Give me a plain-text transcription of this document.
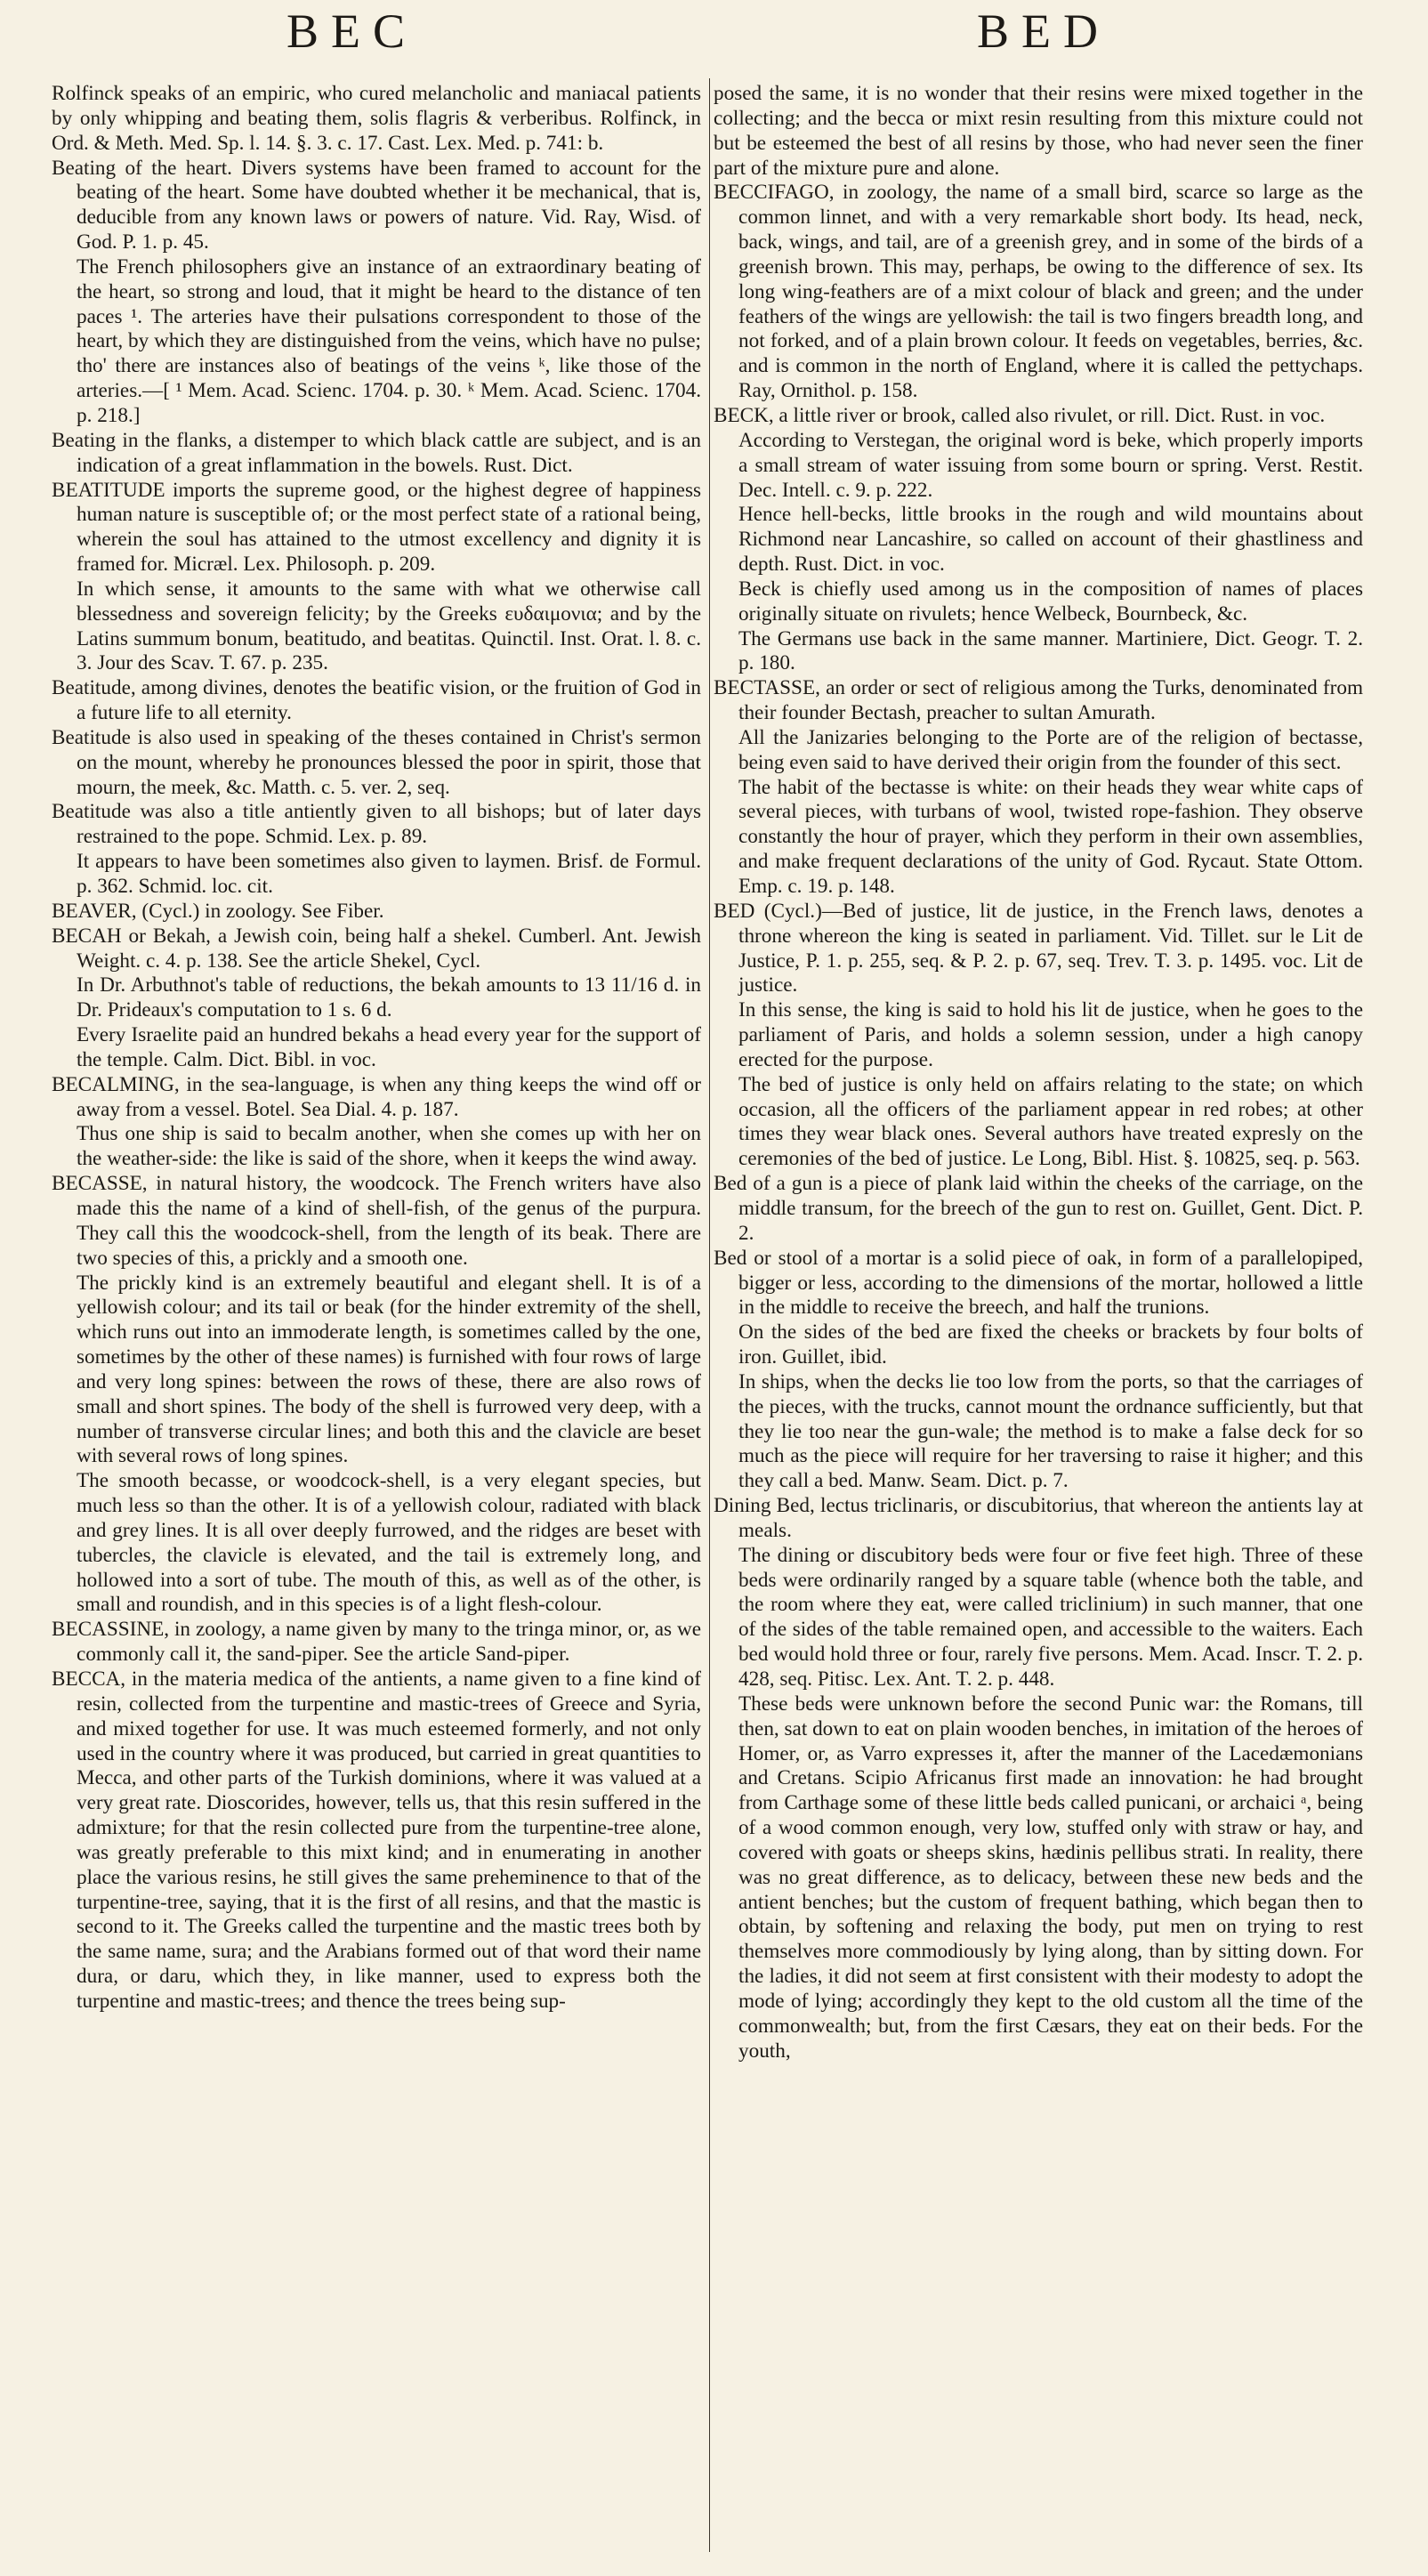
BEC	BED

Rolfinck speaks of an empiric, who cured melancholic and maniacal patients by only whipping and beating them, solis flagris & verberibus. Rolfinck, in Ord. & Meth. Med. Sp. l. 14. §. 3. c. 17. Cast. Lex. Med. p. 741: b.

Beating of the heart. Divers systems have been framed to account for the beating of the heart. Some have doubted whether it be mechanical, that is, deducible from any known laws or powers of nature. Vid. Ray, Wisd. of God. P. 1. p. 45.

The French philosophers give an instance of an extraordinary beating of the heart, so strong and loud, that it might be heard to the distance of ten paces ¹. The arteries have their pulsations correspondent to those of the heart, by which they are distinguished from the veins, which have no pulse; tho' there are instances also of beatings of the veins ᵏ, like those of the arteries.—[ ¹ Mem. Acad. Scienc. 1704. p. 30. ᵏ Mem. Acad. Scienc. 1704. p. 218.]

Beating in the flanks, a distemper to which black cattle are subject, and is an indication of a great inflammation in the bowels. Rust. Dict.

BEATITUDE imports the supreme good, or the highest degree of happiness human nature is susceptible of; or the most perfect state of a rational being, wherein the soul has attained to the utmost excellency and dignity it is framed for. Micræl. Lex. Philosoph. p. 209.

In which sense, it amounts to the same with what we otherwise call blessedness and sovereign felicity; by the Greeks ευδαιμονια; and by the Latins summum bonum, beatitudo, and beatitas. Quinctil. Inst. Orat. l. 8. c. 3. Jour des Scav. T. 67. p. 235.

Beatitude, among divines, denotes the beatific vision, or the fruition of God in a future life to all eternity.

Beatitude is also used in speaking of the theses contained in Christ's sermon on the mount, whereby he pronounces blessed the poor in spirit, those that mourn, the meek, &c. Matth. c. 5. ver. 2, seq.

Beatitude was also a title antiently given to all bishops; but of later days restrained to the pope. Schmid. Lex. p. 89.

It appears to have been sometimes also given to laymen. Brisf. de Formul. p. 362. Schmid. loc. cit.

BEAVER, (Cycl.) in zoology. See Fiber.

BECAH or Bekah, a Jewish coin, being half a shekel. Cumberl. Ant. Jewish Weight. c. 4. p. 138. See the article Shekel, Cycl.

In Dr. Arbuthnot's table of reductions, the bekah amounts to 13 11/16 d. in Dr. Prideaux's computation to 1 s. 6 d.

Every Israelite paid an hundred bekahs a head every year for the support of the temple. Calm. Dict. Bibl. in voc.

BECALMING, in the sea-language, is when any thing keeps the wind off or away from a vessel. Botel. Sea Dial. 4. p. 187.

Thus one ship is said to becalm another, when she comes up with her on the weather-side: the like is said of the shore, when it keeps the wind away.

BECASSE, in natural history, the woodcock. The French writers have also made this the name of a kind of shell-fish, of the genus of the purpura. They call this the woodcock-shell, from the length of its beak. There are two species of this, a prickly and a smooth one.

The prickly kind is an extremely beautiful and elegant shell. It is of a yellowish colour; and its tail or beak (for the hinder extremity of the shell, which runs out into an immoderate length, is sometimes called by the one, sometimes by the other of these names) is furnished with four rows of large and very long spines: between the rows of these, there are also rows of small and short spines. The body of the shell is furrowed very deep, with a number of transverse circular lines; and both this and the clavicle are beset with several rows of long spines.

The smooth becasse, or woodcock-shell, is a very elegant species, but much less so than the other. It is of a yellowish colour, radiated with black and grey lines. It is all over deeply furrowed, and the ridges are beset with tubercles, the clavicle is elevated, and the tail is extremely long, and hollowed into a sort of tube. The mouth of this, as well as of the other, is small and roundish, and in this species is of a light flesh-colour.

BECASSINE, in zoology, a name given by many to the tringa minor, or, as we commonly call it, the sand-piper. See the article Sand-piper.

BECCA, in the materia medica of the antients, a name given to a fine kind of resin, collected from the turpentine and mastic-trees of Greece and Syria, and mixed together for use. It was much esteemed formerly, and not only used in the country where it was produced, but carried in great quantities to Mecca, and other parts of the Turkish dominions, where it was valued at a very great rate. Dioscorides, however, tells us, that this resin suffered in the admixture; for that the resin collected pure from the turpentine-tree alone, was greatly preferable to this mixt kind; and in enumerating in another place the various resins, he still gives the same preheminence to that of the turpentine-tree, saying, that it is the first of all resins, and that the mastic is second to it. The Greeks called the turpentine and the mastic trees both by the same name, sura; and the Arabians formed out of that word their name dura, or daru, which they, in like manner, used to express both the turpentine and mastic-trees; and thence the trees being sup-

posed the same, it is no wonder that their resins were mixed together in the collecting; and the becca or mixt resin resulting from this mixture could not but be esteemed the best of all resins by those, who had never seen the finer part of the mixture pure and alone.

BECCIFAGO, in zoology, the name of a small bird, scarce so large as the common linnet, and with a very remarkable short body. Its head, neck, back, wings, and tail, are of a greenish grey, and in some of the birds of a greenish brown. This may, perhaps, be owing to the difference of sex. Its long wing-feathers are of a mixt colour of black and green; and the under feathers of the wings are yellowish: the tail is two fingers breadth long, and not forked, and of a plain brown colour. It feeds on vegetables, berries, &c. and is common in the north of England, where it is called the pettychaps. Ray, Ornithol. p. 158.

BECK, a little river or brook, called also rivulet, or rill. Dict. Rust. in voc.

According to Verstegan, the original word is beke, which properly imports a small stream of water issuing from some bourn or spring. Verst. Restit. Dec. Intell. c. 9. p. 222.

Hence hell-becks, little brooks in the rough and wild mountains about Richmond near Lancashire, so called on account of their ghastliness and depth. Rust. Dict. in voc.

Beck is chiefly used among us in the composition of names of places originally situate on rivulets; hence Welbeck, Bournbeck, &c.

The Germans use back in the same manner. Martiniere, Dict. Geogr. T. 2. p. 180.

BECTASSE, an order or sect of religious among the Turks, denominated from their founder Bectash, preacher to sultan Amurath.

All the Janizaries belonging to the Porte are of the religion of bectasse, being even said to have derived their origin from the founder of this sect.

The habit of the bectasse is white: on their heads they wear white caps of several pieces, with turbans of wool, twisted rope-fashion. They observe constantly the hour of prayer, which they perform in their own assemblies, and make frequent declarations of the unity of God. Rycaut. State Ottom. Emp. c. 19. p. 148.

BED (Cycl.)—Bed of justice, lit de justice, in the French laws, denotes a throne whereon the king is seated in parliament. Vid. Tillet. sur le Lit de Justice, P. 1. p. 255, seq. & P. 2. p. 67, seq. Trev. T. 3. p. 1495. voc. Lit de justice.

In this sense, the king is said to hold his lit de justice, when he goes to the parliament of Paris, and holds a solemn session, under a high canopy erected for the purpose.

The bed of justice is only held on affairs relating to the state; on which occasion, all the officers of the parliament appear in red robes; at other times they wear black ones. Several authors have treated expresly on the ceremonies of the bed of justice. Le Long, Bibl. Hist. §. 10825, seq. p. 563.

Bed of a gun is a piece of plank laid within the cheeks of the carriage, on the middle transum, for the breech of the gun to rest on. Guillet, Gent. Dict. P. 2.

Bed or stool of a mortar is a solid piece of oak, in form of a parallelopiped, bigger or less, according to the dimensions of the mortar, hollowed a little in the middle to receive the breech, and half the trunions.

On the sides of the bed are fixed the cheeks or brackets by four bolts of iron. Guillet, ibid.

In ships, when the decks lie too low from the ports, so that the carriages of the pieces, with the trucks, cannot mount the ordnance sufficiently, but that they lie too near the gun-wale; the method is to make a false deck for so much as the piece will require for her traversing to raise it higher; and this they call a bed. Manw. Seam. Dict. p. 7.

Dining Bed, lectus triclinaris, or discubitorius, that whereon the antients lay at meals.

The dining or discubitory beds were four or five feet high. Three of these beds were ordinarily ranged by a square table (whence both the table, and the room where they eat, were called triclinium) in such manner, that one of the sides of the table remained open, and accessible to the waiters. Each bed would hold three or four, rarely five persons. Mem. Acad. Inscr. T. 2. p. 428, seq. Pitisc. Lex. Ant. T. 2. p. 448.

These beds were unknown before the second Punic war: the Romans, till then, sat down to eat on plain wooden benches, in imitation of the heroes of Homer, or, as Varro expresses it, after the manner of the Lacedæmonians and Cretans. Scipio Africanus first made an innovation: he had brought from Carthage some of these little beds called punicani, or archaici ᵃ, being of a wood common enough, very low, stuffed only with straw or hay, and covered with goats or sheeps skins, hædinis pellibus strati. In reality, there was no great difference, as to delicacy, between these new beds and the antient benches; but the custom of frequent bathing, which began then to obtain, by softening and relaxing the body, put men on trying to rest themselves more commodiously by lying along, than by sitting down. For the ladies, it did not seem at first consistent with their modesty to adopt the mode of lying; accordingly they kept to the old custom all the time of the commonwealth; but, from the first Cæsars, they eat on their beds. For the youth,
